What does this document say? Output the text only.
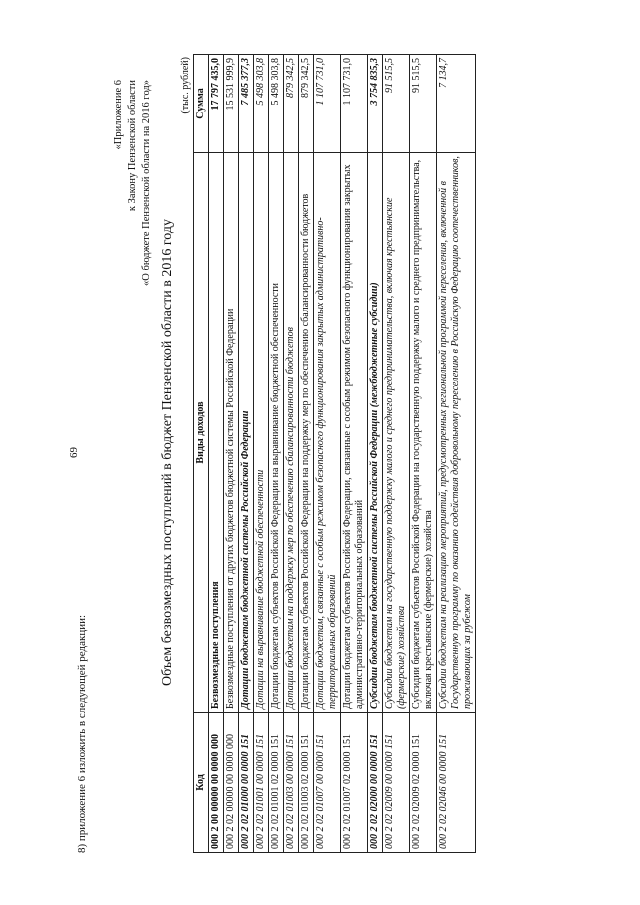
69
8) приложение 6 изложить в следующей редакции:
«Приложение 6 к Закону Пензенской области «О бюджете Пензенской области на 2016 год»
Объем безвозмездных поступлений в бюджет Пензенской области в 2016 году
(тыс. рублей)
Код	Виды доходов	Сумма
000 2 00 00000 00 0000 000	Безвозмездные поступления	17 797 435,0
000 2 02 00000 00 0000 000	Безвозмездные поступления от других бюджетов бюджетной системы Российской Федерации	15 531 999,9
000 2 02 01000 00 0000 151	Дотации бюджетам бюджетной системы Российской Федерации	7 485 377,3
000 2 02 01001 00 0000 151	Дотации на выравнивание бюджетной обеспеченности	5 498 303,8
000 2 02 01001 02 0000 151	Дотации бюджетам субъектов Российской Федерации на выравнивание бюджетной обеспеченности	5 498 303,8
000 2 02 01003 00 0000 151	Дотации бюджетам на поддержку мер по обеспечению сбалансированности бюджетов	879 342,5
000 2 02 01003 02 0000 151	Дотации бюджетам субъектов Российской Федерации на поддержку мер по обеспечению сбалансированности бюджетов	879 342,5
000 2 02 01007 00 0000 151	Дотации бюджетам, связанные с особым режимом безопасного функционирования закрытых административно-территориальных образований	1 107 731,0
000 2 02 01007 02 0000 151	Дотации бюджетам субъектов Российской Федерации, связанные с особым режимом безопасного функционирования закрытых административно-территориальных образований	1 107 731,0
000 2 02 02000 00 0000 151	Субсидии бюджетам бюджетной системы Российской Федерации (межбюджетные субсидии)	3 754 835,3
000 2 02 02009 00 0000 151	Субсидии бюджетам на государственную поддержку малого и среднего предпринимательства, включая крестьянские (фермерские) хозяйства	91 515,5
000 2 02 02009 02 0000 151	Субсидии бюджетам субъектов Российской Федерации на государственную поддержку малого и среднего предпринимательства, включая крестьянские (фермерские) хозяйства	91 515,5
000 2 02 02046 00 0000 151	Субсидии бюджетам на реализацию мероприятий, предусмотренных региональной программой переселения, включенной в Государственную программу по оказанию содействия добровольному переселению в Российскую Федерацию соотечественников, проживающих за рубежом	7 134,7
